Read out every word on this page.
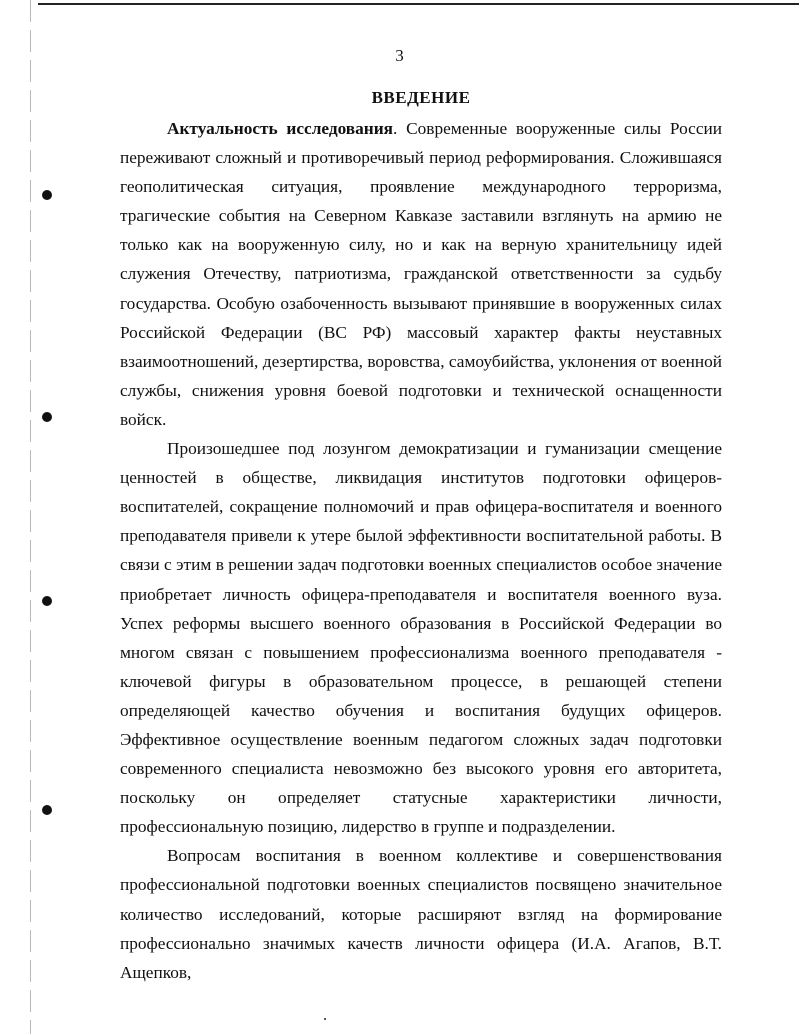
3
ВВЕДЕНИЕ

Актуальность исследования. Современные вооруженные силы России переживают сложный и противоречивый период реформирования. Сложившаяся геополитическая ситуация, проявление международного терроризма, трагические события на Северном Кавказе заставили взглянуть на армию не только как на вооруженную силу, но и как на верную хранительницу идей служения Отечеству, патриотизма, гражданской ответственности за судьбу государства. Особую озабоченность вызывают принявшие в вооруженных силах Российской Федерации (ВС РФ) массовый характер факты неуставных взаимоотношений, дезертирства, воровства, самоубийства, уклонения от военной службы, снижения уровня боевой подготовки и технической оснащенности войск.

Произошедшее под лозунгом демократизации и гуманизации смещение ценностей в обществе, ликвидация институтов подготовки офицеров-воспитателей, сокращение полномочий и прав офицера-воспитателя и военного преподавателя привели к утере былой эффективности воспитательной работы. В связи с этим в решении задач подготовки военных специалистов особое значение приобретает личность офицера-преподавателя и воспитателя военного вуза. Успех реформы высшего военного образования в Российской Федерации во многом связан с повышением профессионализма военного преподавателя - ключевой фигуры в образовательном процессе, в решающей степени определяющей качество обучения и воспитания будущих офицеров. Эффективное осуществление военным педагогом сложных задач подготовки современного специалиста невозможно без высокого уровня его авторитета, поскольку он определяет статусные характеристики личности, профессиональную позицию, лидерство в группе и подразделении.

Вопросам воспитания в военном коллективе и совершенствования профессиональной подготовки военных специалистов посвящено значительное количество исследований, которые расширяют взгляд на формирование профессионально значимых качеств личности офицера (И.А. Агапов, В.Т. Ащепков,
